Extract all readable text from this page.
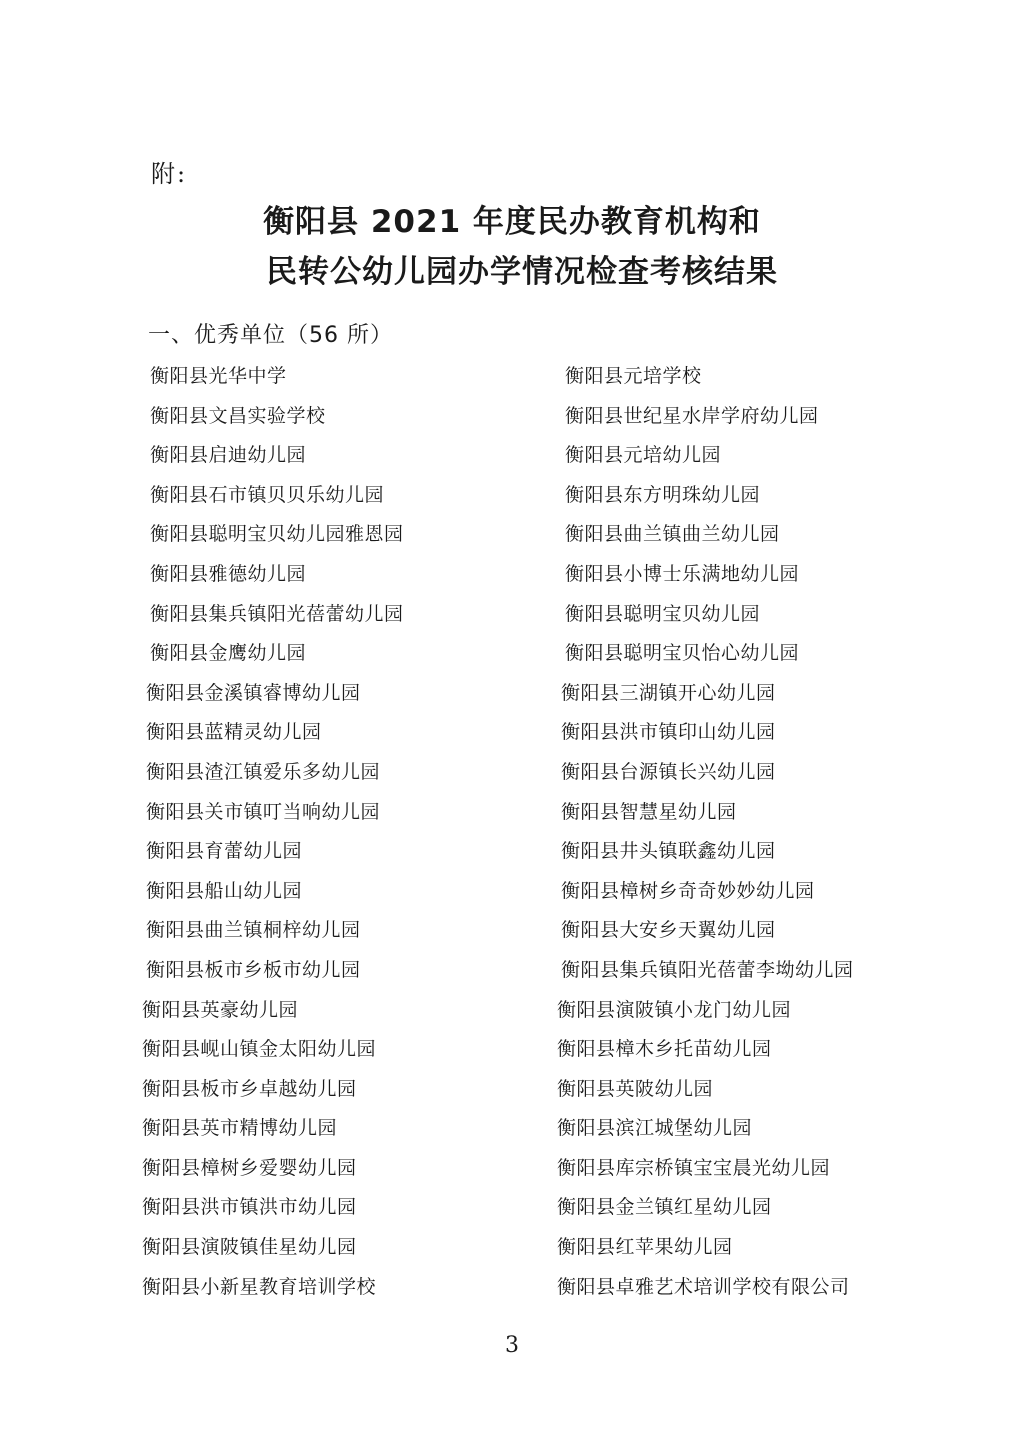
附:
衡阳县 2021 年度民办教育机构和
民转公幼儿园办学情况检查考核结果
一、优秀单位（56 所）
衡阳县光华中学
衡阳县文昌实验学校
衡阳县启迪幼儿园
衡阳县石市镇贝贝乐幼儿园
衡阳县聪明宝贝幼儿园雅恩园
衡阳县雅德幼儿园
衡阳县集兵镇阳光蓓蕾幼儿园
衡阳县金鹰幼儿园
衡阳县金溪镇睿博幼儿园
衡阳县蓝精灵幼儿园
衡阳县渣江镇爱乐多幼儿园
衡阳县关市镇叮当响幼儿园
衡阳县育蕾幼儿园
衡阳县船山幼儿园
衡阳县曲兰镇桐梓幼儿园
衡阳县板市乡板市幼儿园
衡阳县英豪幼儿园
衡阳县岘山镇金太阳幼儿园
衡阳县板市乡卓越幼儿园
衡阳县英市精博幼儿园
衡阳县樟树乡爱婴幼儿园
衡阳县洪市镇洪市幼儿园
衡阳县演陂镇佳星幼儿园
衡阳县小新星教育培训学校
衡阳县元培学校
衡阳县世纪星水岸学府幼儿园
衡阳县元培幼儿园
衡阳县东方明珠幼儿园
衡阳县曲兰镇曲兰幼儿园
衡阳县小博士乐满地幼儿园
衡阳县聪明宝贝幼儿园
衡阳县聪明宝贝怡心幼儿园
衡阳县三湖镇开心幼儿园
衡阳县洪市镇印山幼儿园
衡阳县台源镇长兴幼儿园
衡阳县智慧星幼儿园
衡阳县井头镇联鑫幼儿园
衡阳县樟树乡奇奇妙妙幼儿园
衡阳县大安乡天翼幼儿园
衡阳县集兵镇阳光蓓蕾李坳幼儿园
衡阳县演陂镇小龙门幼儿园
衡阳县樟木乡托苗幼儿园
衡阳县英陂幼儿园
衡阳县滨江城堡幼儿园
衡阳县库宗桥镇宝宝晨光幼儿园
衡阳县金兰镇红星幼儿园
衡阳县红苹果幼儿园
衡阳县卓雅艺术培训学校有限公司
3
